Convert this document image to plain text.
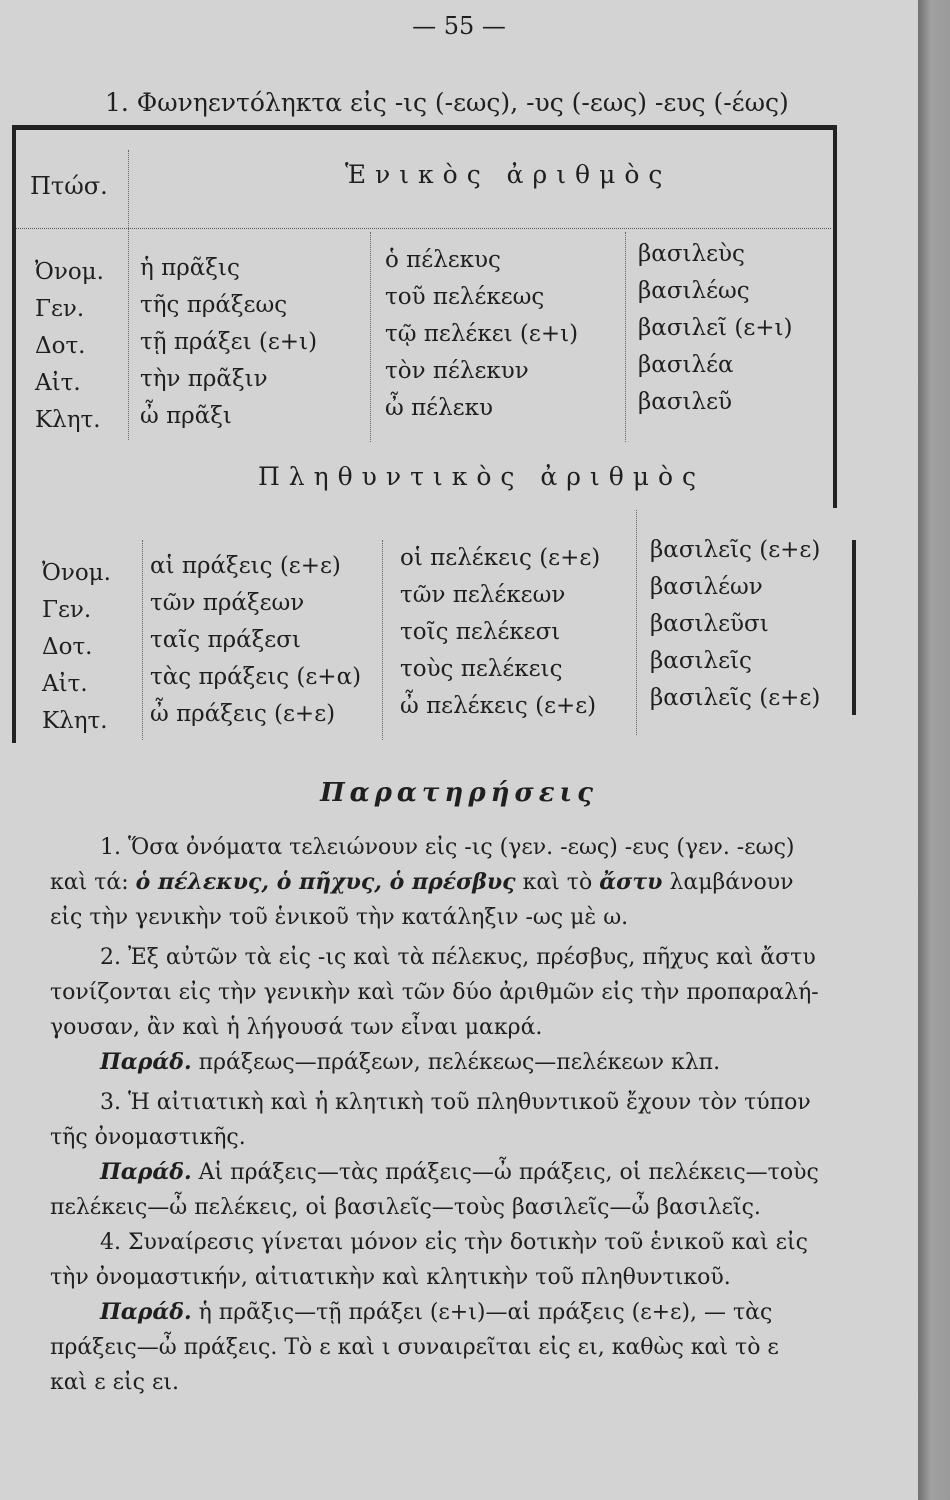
— 55 —
1. Φωνηεντόληκτα εἰς -ις (-εως), -υς (-εως) -ευς (-έως)
Πτώσ.	Ἑνικὸς ἀριθμὸς

Ὀνομ.

Γεν.

Δοτ.

Αἰτ.

Κλητ.

ἡ πρᾶξις

τῆς πράξεως

τῇ πράξει (ε+ι)

τὴν πρᾶξιν

ὦ πρᾶξι

ὁ πέλεκυς

τοῦ πελέκεως

τῷ πελέκει (ε+ι)

τὸν πέλεκυν

ὦ πέλεκυ

βασιλεὺς

βασιλέως

βασιλεῖ (ε+ι)

βασιλέα

βασιλεῦ

Πληθυντικὸς ἀριθμὸς

Ὀνομ.

Γεν.

Δοτ.

Αἰτ.

Κλητ.

αἱ πράξεις (ε+ε)

τῶν πράξεων

ταῖς πράξεσι

τὰς πράξεις (ε+α)

ὦ πράξεις (ε+ε)

οἱ πελέκεις (ε+ε)

τῶν πελέκεων

τοῖς πελέκεσι

τοὺς πελέκεις

ὦ πελέκεις (ε+ε)

βασιλεῖς (ε+ε)

βασιλέων

βασιλεῦσι

βασιλεῖς

βασιλεῖς (ε+ε)

Παρατηρήσεις

1. Ὅσα ὀνόματα τελειώνουν εἰς -ις (γεν. -εως) -ευς (γεν. -εως)

καὶ τά: ὁ πέλεκυς, ὁ πῆχυς, ὁ πρέσβυς καὶ τὸ ἄστυ λαμβάνουν

εἰς τὴν γενικὴν τοῦ ἑνικοῦ τὴν κατάληξιν -ως μὲ ω.

2. Ἐξ αὐτῶν τὰ εἰς -ις καὶ τὰ πέλεκυς, πρέσβυς, πῆχυς καὶ ἄστυ

τονίζονται εἰς τὴν γενικὴν καὶ τῶν δύο ἀριθμῶν εἰς τὴν προπαραλή-

γουσαν, ἂν καὶ ἡ λήγουσά των εἶναι μακρά.

Παράδ. πράξεως—πράξεων, πελέκεως—πελέκεων κλπ.

3. Ἡ αἰτιατικὴ καὶ ἡ κλητικὴ τοῦ πληθυντικοῦ ἔχουν τὸν τύπον

τῆς ὀνομαστικῆς.

Παράδ. Αἱ πράξεις—τὰς πράξεις—ὦ πράξεις, οἱ πελέκεις—τοὺς

πελέκεις—ὦ πελέκεις, οἱ βασιλεῖς—τοὺς βασιλεῖς—ὦ βασιλεῖς.

4. Συναίρεσις γίνεται μόνον εἰς τὴν δοτικὴν τοῦ ἑνικοῦ καὶ εἰς

τὴν ὀνομαστικήν, αἰτιατικὴν καὶ κλητικὴν τοῦ πληθυντικοῦ.

Παράδ. ἡ πρᾶξις—τῇ πράξει (ε+ι)—αἱ πράξεις (ε+ε), — τὰς

πράξεις—ὦ πράξεις. Τὸ ε καὶ ι συναιρεῖται εἰς ει, καθὼς καὶ τὸ ε

καὶ ε εἰς ει.
